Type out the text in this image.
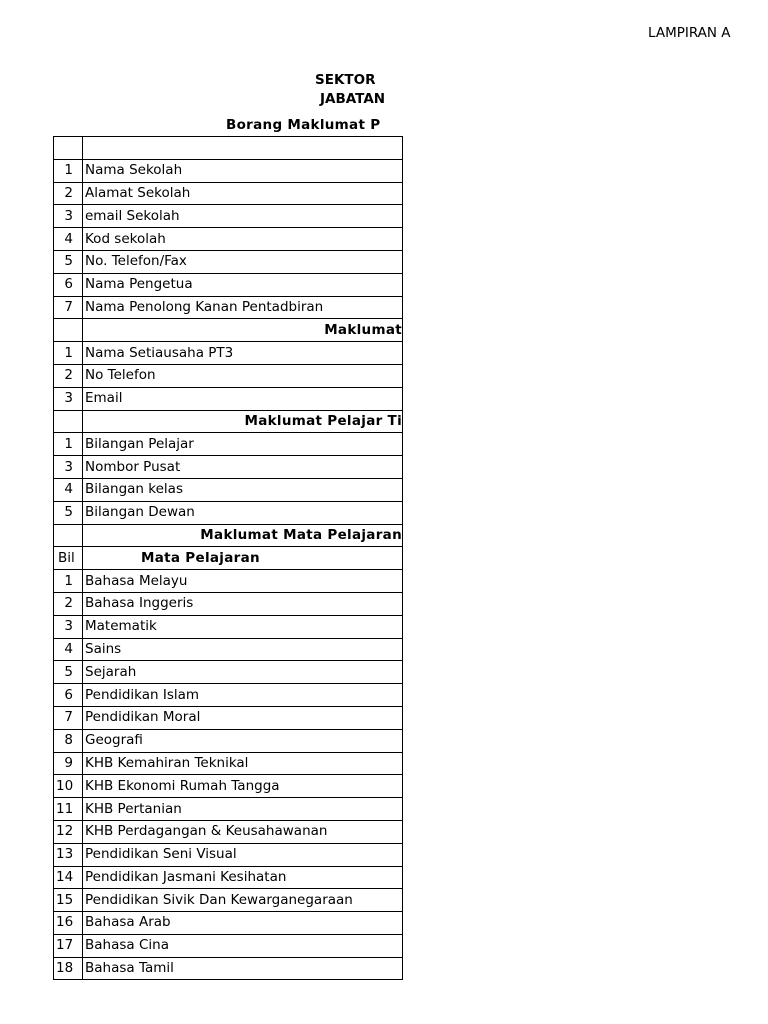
LAMPIRAN A
SEKTOR
JABATAN
Borang Maklumat P

1	Nama Sekolah
2	Alamat Sekolah
3	email Sekolah
4	Kod sekolah
5	No. Telefon/Fax
6	Nama Pengetua
7	Nama Penolong Kanan Pentadbiran
	Maklumat
1	Nama Setiausaha PT3
2	No Telefon
3	Email
	Maklumat Pelajar Ti
1	Bilangan Pelajar
3	Nombor Pusat
4	Bilangan kelas
5	Bilangan Dewan
	Maklumat Mata Pelajaran
Bil	Mata Pelajaran
1	Bahasa Melayu
2	Bahasa Inggeris
3	Matematik
4	Sains
5	Sejarah
6	Pendidikan Islam
7	Pendidikan Moral
8	Geografi
9	KHB Kemahiran Teknikal
10	KHB Ekonomi Rumah Tangga
11	KHB Pertanian
12	KHB Perdagangan & Keusahawanan
13	Pendidikan Seni Visual
14	Pendidikan Jasmani Kesihatan
15	Pendidikan Sivik Dan Kewarganegaraan
16	Bahasa Arab
17	Bahasa Cina
18	Bahasa Tamil
